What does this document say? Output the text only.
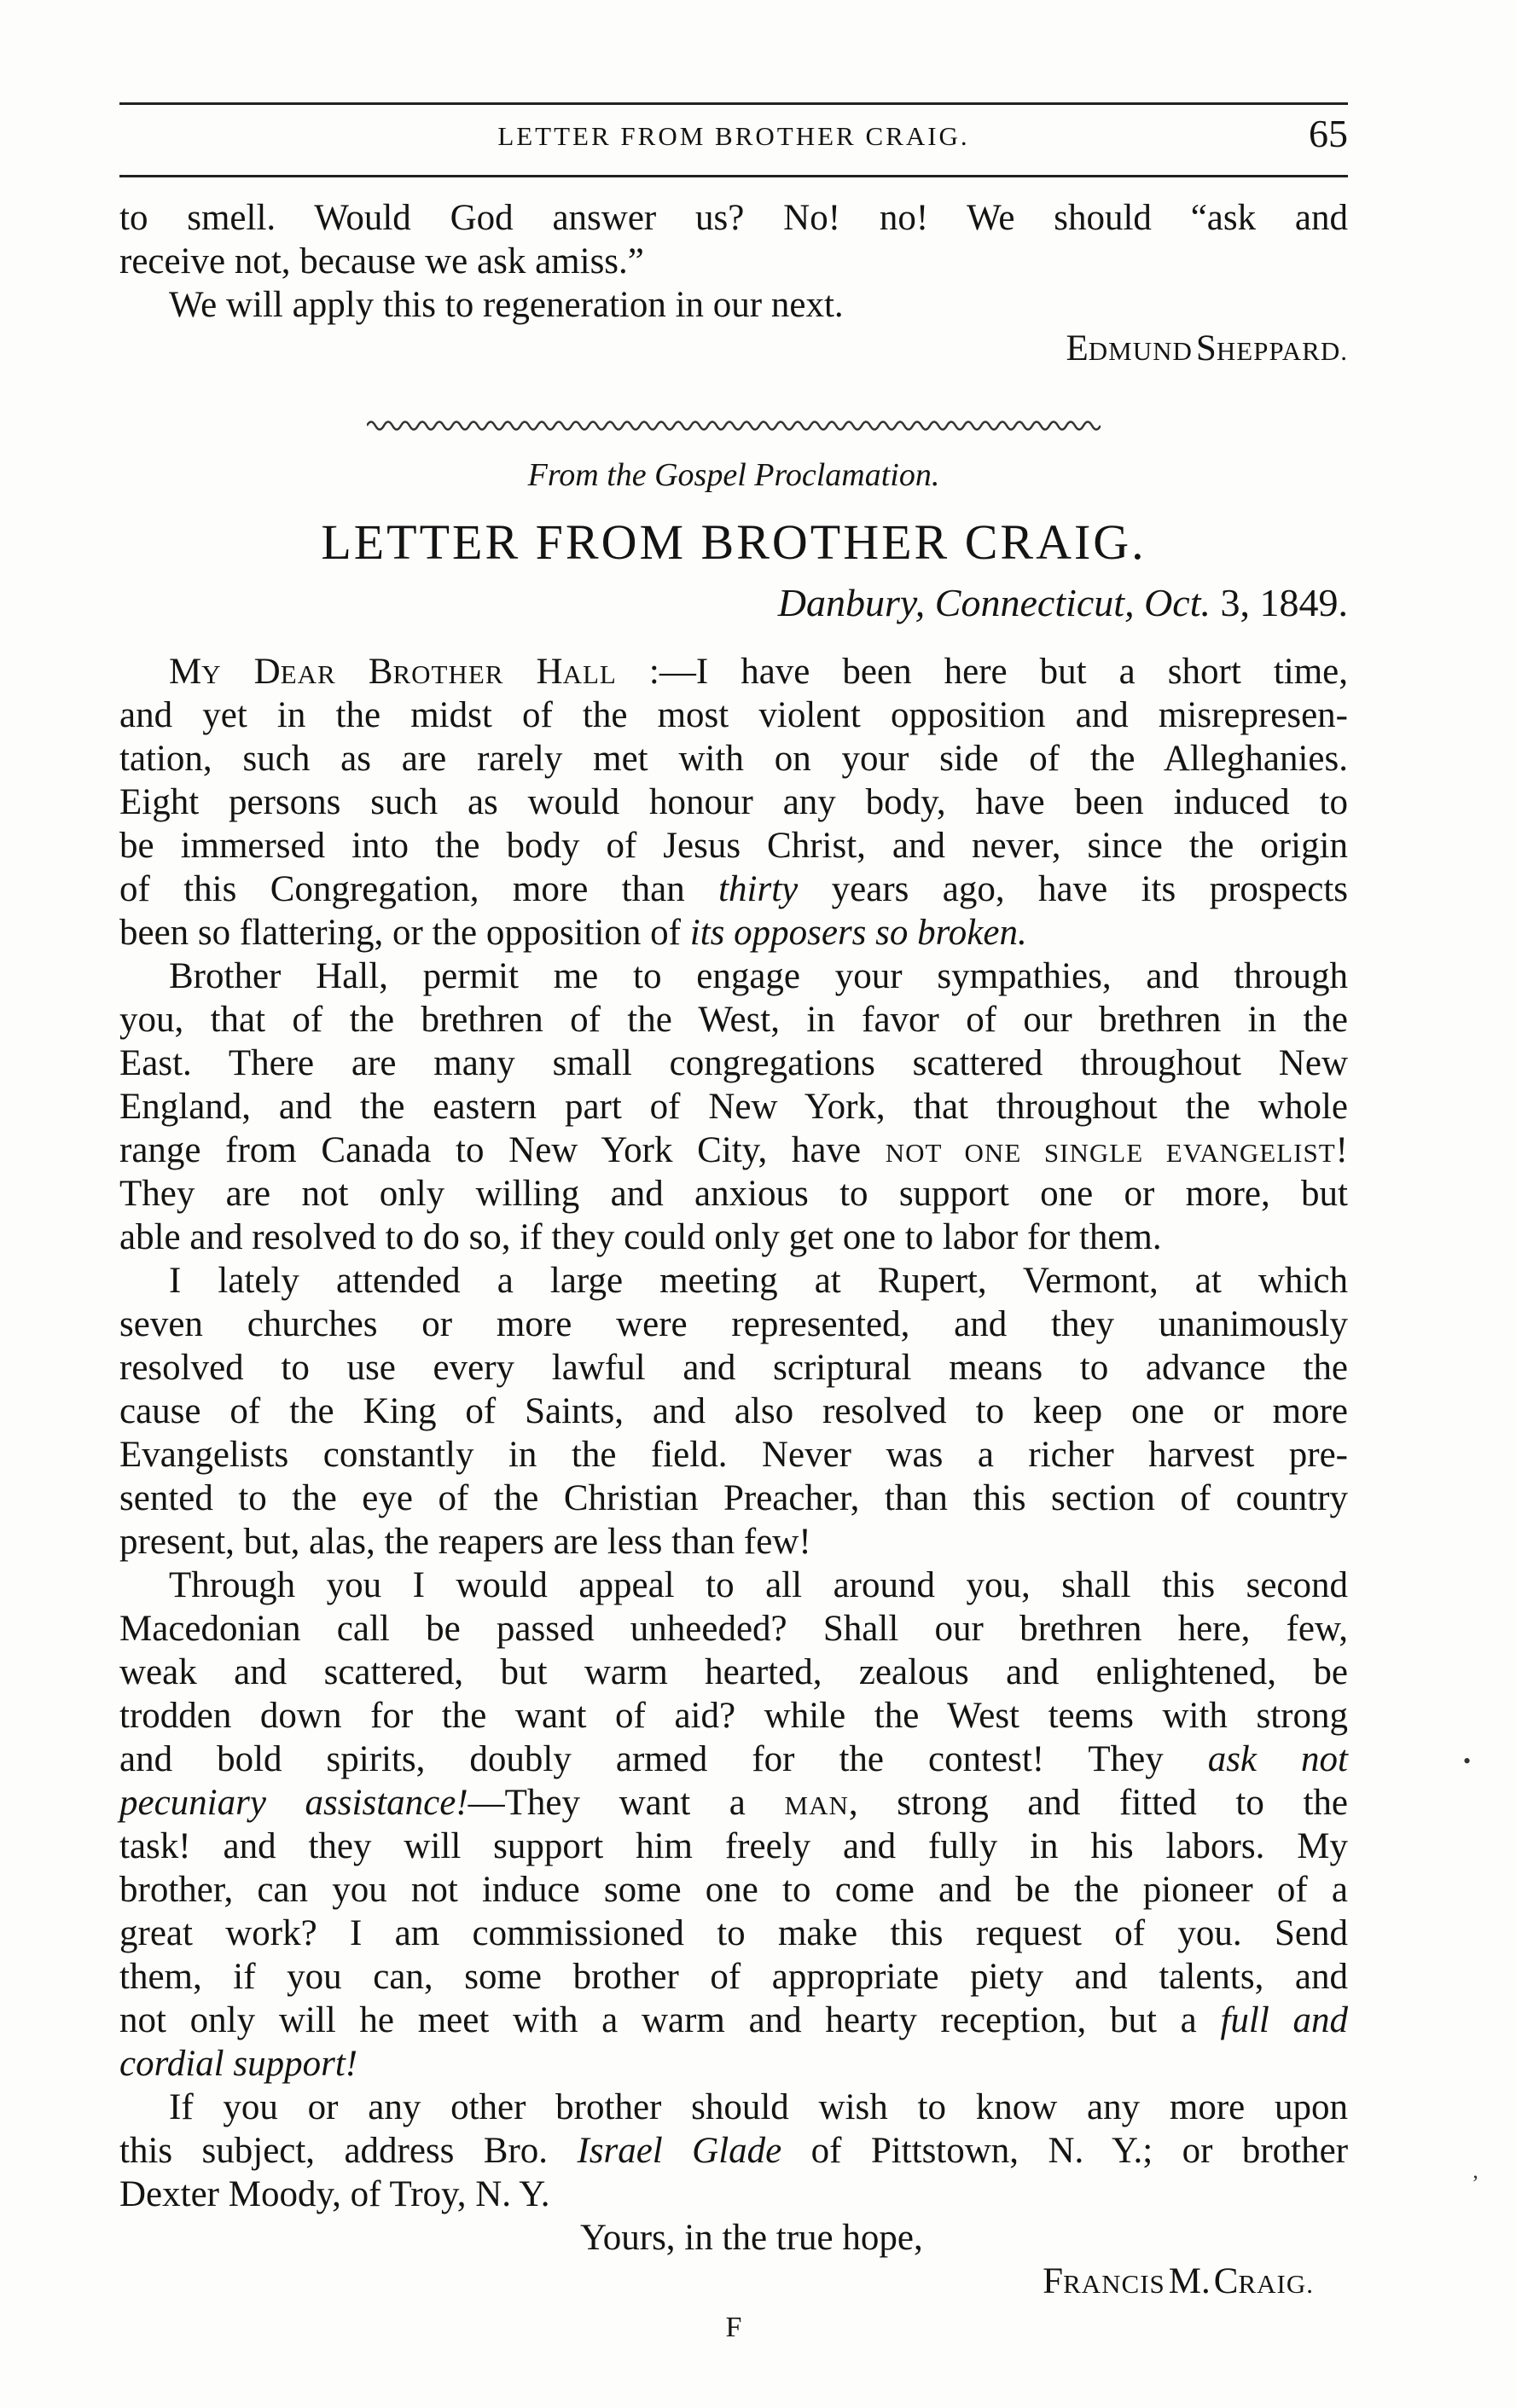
LETTER FROM BROTHER CRAIG.	65
to smell. Would God answer us? No! no! We should “ask and
receive not, because we ask amiss.”
We will apply this to regeneration in our next.
EDMUND SHEPPARD.
From the Gospel Proclamation.
LETTER FROM BROTHER CRAIG.
Danbury, Connecticut, Oct. 3, 1849.
MY DEAR BROTHER HALL :—I have been here but a short time,
and yet in the midst of the most violent opposition and misrepresen-
tation, such as are rarely met with on your side of the Alleghanies.
Eight persons such as would honour any body, have been induced to
be immersed into the body of Jesus Christ, and never, since the origin
of this Congregation, more than thirty years ago, have its prospects
been so flattering, or the opposition of its opposers so broken.
Brother Hall, permit me to engage your sympathies, and through
you, that of the brethren of the West, in favor of our brethren in the
East. There are many small congregations scattered throughout New
England, and the eastern part of New York, that throughout the whole
range from Canada to New York City, have NOT ONE SINGLE EVANGELIST!
They are not only willing and anxious to support one or more, but
able and resolved to do so, if they could only get one to labor for them.
I lately attended a large meeting at Rupert, Vermont, at which
seven churches or more were represented, and they unanimously
resolved to use every lawful and scriptural means to advance the
cause of the King of Saints, and also resolved to keep one or more
Evangelists constantly in the field. Never was a richer harvest pre-
sented to the eye of the Christian Preacher, than this section of country
present, but, alas, the reapers are less than few!
Through you I would appeal to all around you, shall this second
Macedonian call be passed unheeded? Shall our brethren here, few,
weak and scattered, but warm hearted, zealous and enlightened, be
trodden down for the want of aid? while the West teems with strong
and bold spirits, doubly armed for the contest! They ask not
pecuniary assistance!—They want a MAN, strong and fitted to the
task! and they will support him freely and fully in his labors. My
brother, can you not induce some one to come and be the pioneer of a
great work? I am commissioned to make this request of you. Send
them, if you can, some brother of appropriate piety and talents, and
not only will he meet with a warm and hearty reception, but a full and
cordial support!
If you or any other brother should wish to know any more upon
this subject, address Bro. Israel Glade of Pittstown, N. Y.; or brother
Dexter Moody, of Troy, N. Y.
Yours, in the true hope,
FRANCIS M. CRAIG.
F
•
’
